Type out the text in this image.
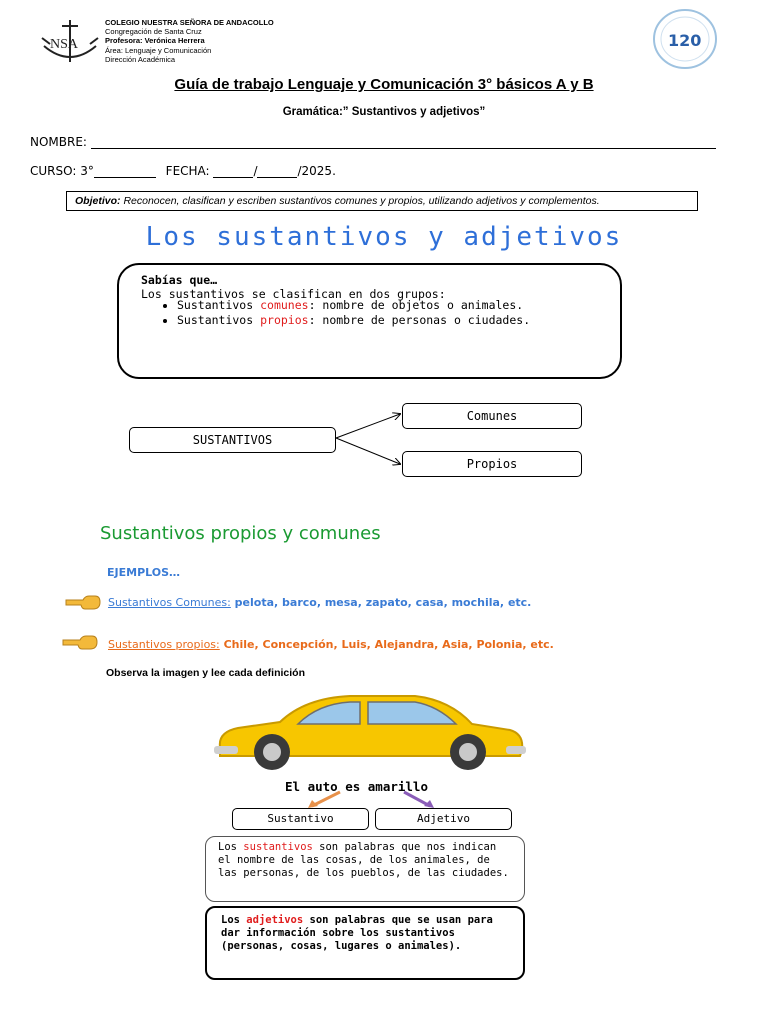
NSA
COLEGIO NUESTRA SEÑORA DE ANDACOLLO
Congregación de Santa Cruz
Profesora: Verónica Herrera
Área: Lenguaje y Comunicación
Dirección Académica
120
Guía de trabajo Lenguaje y Comunicación 3° básicos A y B
Gramática:” Sustantivos y adjetivos”
NOMBRE:
CURSO: 3°	FECHA:	/	/2025.
Objetivo: Reconocen, clasifican y escriben sustantivos comunes y propios, utilizando adjetivos y complementos.
Los sustantivos y adjetivos
Sabías que…
Los sustantivos se clasifican en dos grupos:
• Sustantivos comunes: nombre de objetos o animales.
• Sustantivos propios: nombre de personas o ciudades.
SUSTANTIVOS
Comunes
Propios
Sustantivos propios y comunes
EJEMPLOS…
Sustantivos Comunes: pelota, barco, mesa, zapato, casa, mochila, etc.
Sustantivos propios: Chile, Concepción, Luis, Alejandra, Asia, Polonia, etc.
Observa la imagen y lee cada definición
El auto es amarillo
Sustantivo	Adjetivo
Los sustantivos son palabras que nos indican el nombre de las cosas, de los animales, de las personas, de los pueblos, de las ciudades.
Los adjetivos son palabras que se usan para dar información sobre los sustantivos (personas, cosas, lugares o animales).
